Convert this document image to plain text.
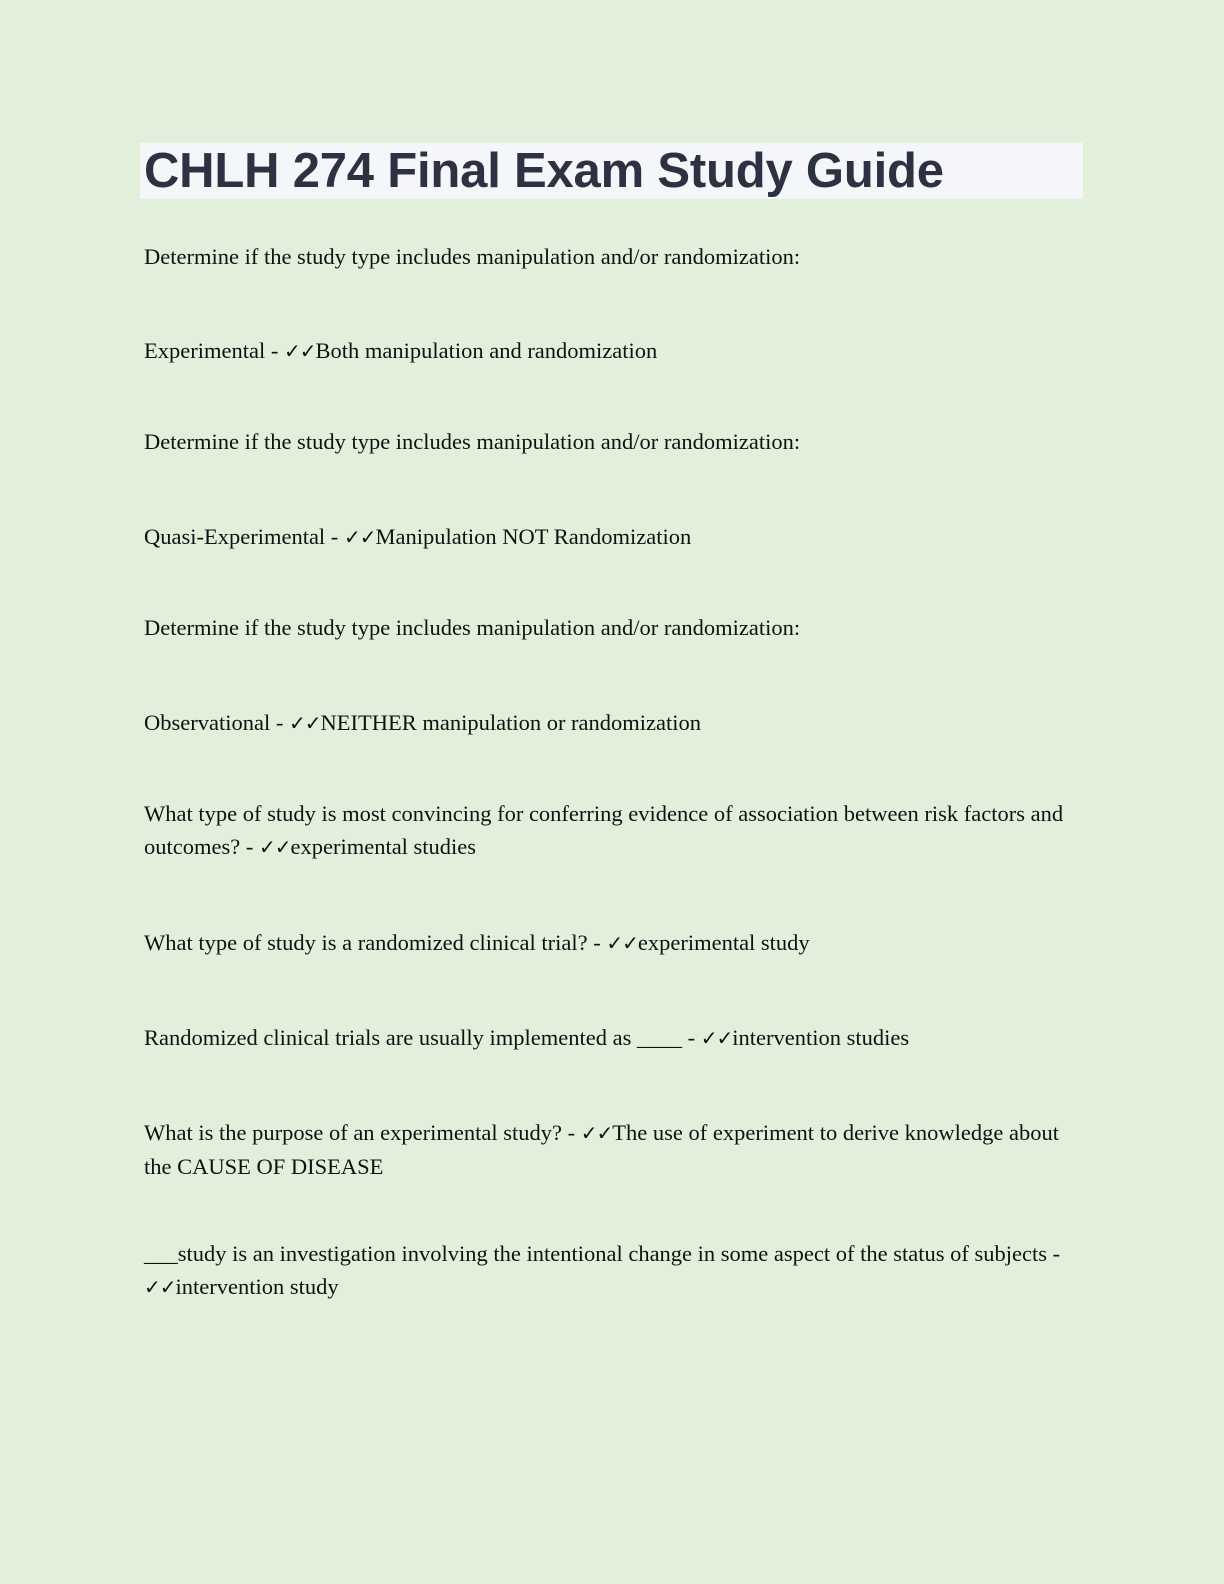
CHLH 274 Final Exam Study Guide
Determine if the study type includes manipulation and/or randomization:
Experimental - ✓✓Both manipulation and randomization
Determine if the study type includes manipulation and/or randomization:
Quasi-Experimental - ✓✓Manipulation NOT Randomization
Determine if the study type includes manipulation and/or randomization:
Observational - ✓✓NEITHER manipulation or randomization
What type of study is most convincing for conferring evidence of association between risk factors and outcomes? - ✓✓experimental studies
What type of study is a randomized clinical trial? - ✓✓experimental study
Randomized clinical trials are usually implemented as ____ - ✓✓intervention studies
What is the purpose of an experimental study? - ✓✓The use of experiment to derive knowledge about the CAUSE OF DISEASE
___study is an investigation involving the intentional change in some aspect of the status of subjects - ✓✓intervention study
